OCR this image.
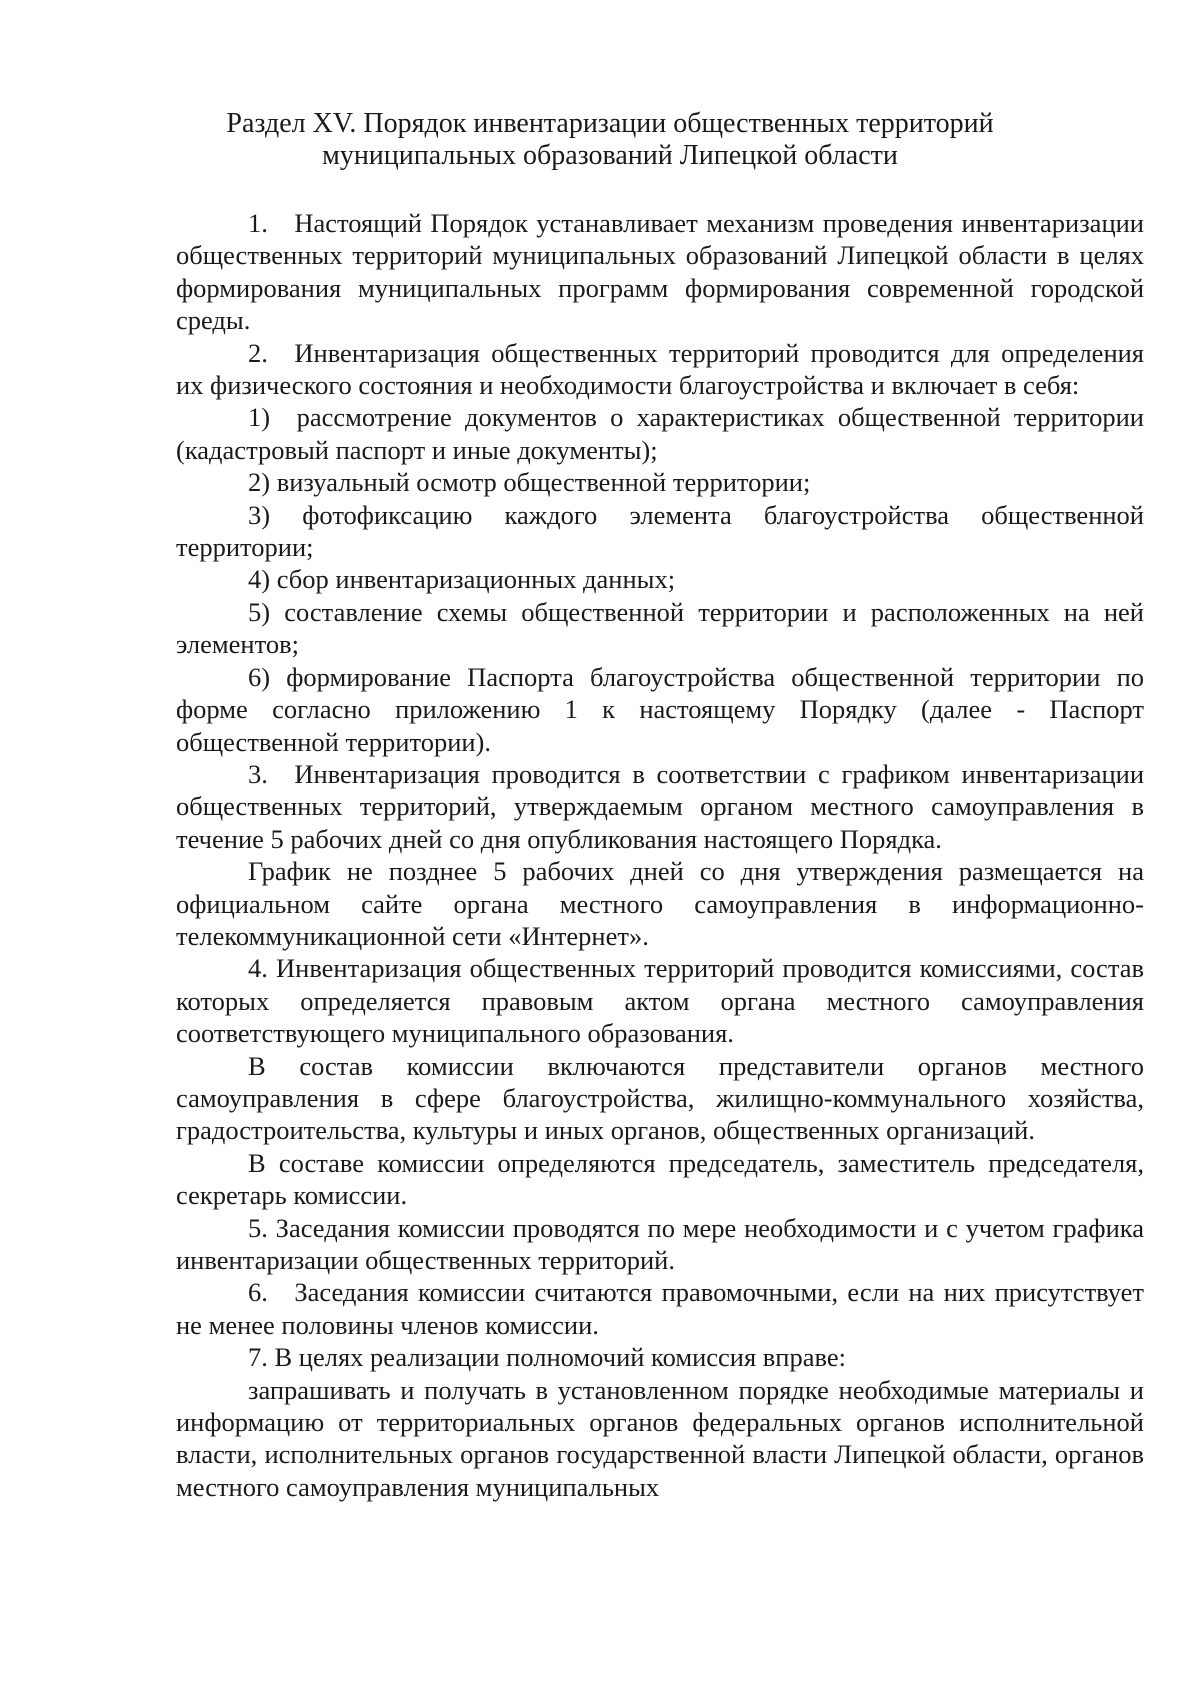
Раздел XV. Порядок инвентаризации общественных территорий
муниципальных образований Липецкой области

1. Настоящий Порядок устанавливает механизм проведения инвентаризации общественных территорий муниципальных образований Липецкой области в целях формирования муниципальных программ формирования современной городской среды.

2. Инвентаризация общественных территорий проводится для определения их физического состояния и необходимости благоустройства и включает в себя:

1) рассмотрение документов о характеристиках общественной территории (кадастровый паспорт и иные документы);

2) визуальный осмотр общественной территории;

3) фотофиксацию каждого элемента благоустройства общественной территории;

4) сбор инвентаризационных данных;

5) составление схемы общественной территории и расположенных на ней элементов;

6) формирование Паспорта благоустройства общественной территории по форме согласно приложению 1 к настоящему Порядку (далее - Паспорт общественной территории).

3. Инвентаризация проводится в соответствии с графиком инвентаризации общественных территорий, утверждаемым органом местного самоуправления в течение 5 рабочих дней со дня опубликования настоящего Порядка.

График не позднее 5 рабочих дней со дня утверждения размещается на официальном сайте органа местного самоуправления в информационно-телекоммуникационной сети «Интернет».

4. Инвентаризация общественных территорий проводится комиссиями, состав которых определяется правовым актом органа местного самоуправления соответствующего муниципального образования.

В состав комиссии включаются представители органов местного самоуправления в сфере благоустройства, жилищно-коммунального хозяйства, градостроительства, культуры и иных органов, общественных организаций.

В составе комиссии определяются председатель, заместитель председателя, секретарь комиссии.

5. Заседания комиссии проводятся по мере необходимости и с учетом графика инвентаризации общественных территорий.

6. Заседания комиссии считаются правомочными, если на них присутствует не менее половины членов комиссии.

7. В целях реализации полномочий комиссия вправе:

запрашивать и получать в установленном порядке необходимые материалы и информацию от территориальных органов федеральных органов исполнительной власти, исполнительных органов государственной власти Липецкой области, органов местного самоуправления муниципальных
